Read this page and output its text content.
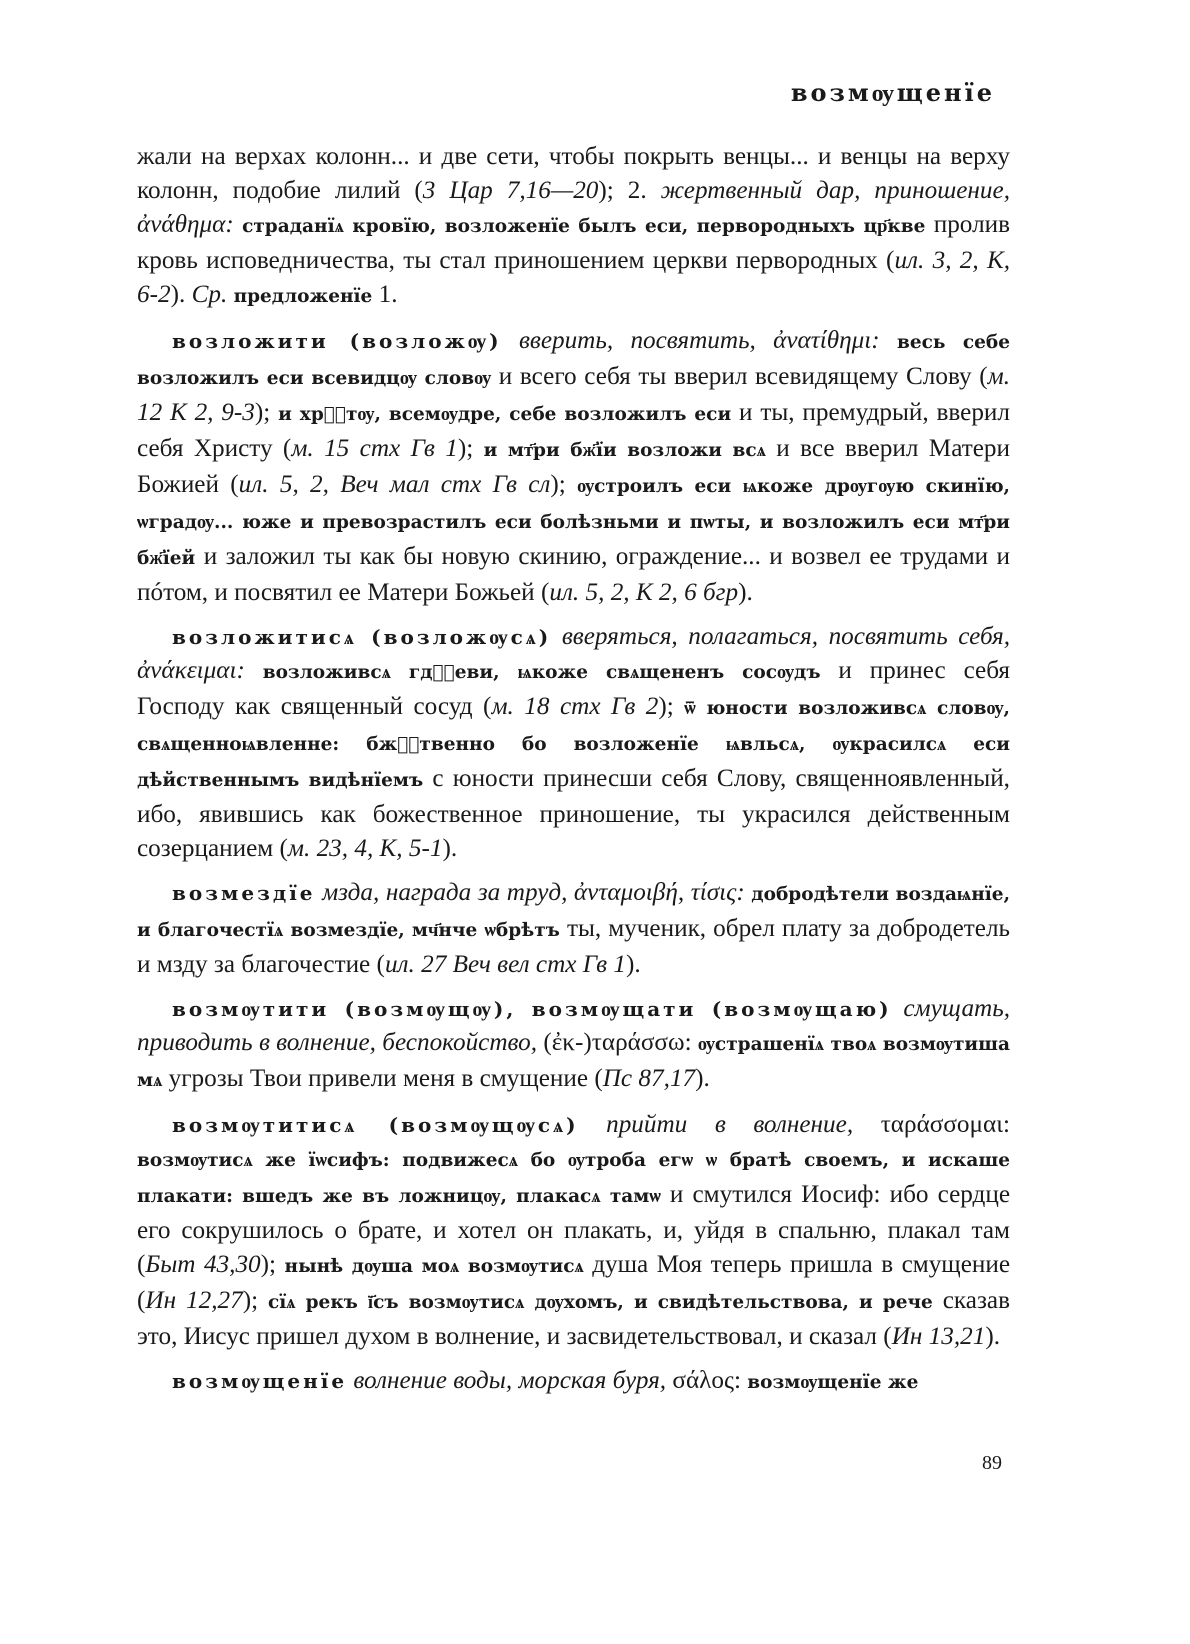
возмѹщенїе

жали на верхах колонн... и две сети, чтобы покрыть венцы... и венцы на верху колонн, подобие лилий (3 Цар 7,16—20); 2. жертвенный дар, приношение, ἀνάθημα: страданїѧ кровїю, возложенїе былъ еси, первородныхъ цр҃кве пролив кровь исповедничества, ты стал приношением церкви первородных (ил. 3, 2, К, 6-2). Ср. предложенїе 1.

возложити (возложѹ) вверить, посвятить, ἀνατίθημι: весь себе возложилъ еси всевидцѹ словѹ и всего себя ты вверил всевидящему Слову (м. 12 К 2, 9-3); и хрⷭ҇тѹ, всемѹдре, себе возложилъ еси и ты, премудрый, вверил себя Христу (м. 15 стх Гв 1); и мт҃ри бж҃їи возложи всѧ и все вверил Матери Божией (ил. 5, 2, Веч мал стх Гв сл); ѹстроилъ еси ѩкоже дрѹгѹю скинїю, ѡградѹ... юже и превозрастилъ еси болѣзньми и пѡты, и возложилъ еси мт҃ри бж҃їей и заложил ты как бы новую скинию, ограждение... и возвел ее трудами и пóтом, и посвятил ее Матери Божьей (ил. 5, 2, К 2, 6 бгр).

возложитисѧ (возложѹсѧ) вверяться, полагаться, посвятить себя, ἀνάκειμαι: возложивсѧ гдⷭ҇еви, ѩкоже свѧщененъ сосѹдъ и принес себя Господу как священный сосуд (м. 18 стх Гв 2); ѿ юности возложивсѧ словѹ, свѧщенноѩвленне: бжⷭ҇твенно бо возложенїе ѩвльсѧ, ѹкрасилсѧ еси дѣйственнымъ видѣнїемъ с юности принесши себя Слову, священноявленный, ибо, явившись как божественное приношение, ты украсился действенным созерцанием (м. 23, 4, К, 5-1).

возмездїе мзда, награда за труд, ἀνταμοιβή, τίσις: добродѣтели воздаѩнїе, и благочестїѧ возмездїе, мч҃нче ѡбрѣтъ ты, мученик, обрел плату за добродетель и мзду за благочестие (ил. 27 Веч вел стх Гв 1).

возмѹтити (возмѹщѹ), возмѹщати (возмѹщаю) смущать, приводить в волнение, беспокойство, (ἐκ-)ταράσσω: ѹстрашенїѧ твоѧ возмѹтиша мѧ угрозы Твои привели меня в смущение (Пс 87,17).

возмѹтитисѧ (возмѹщѹсѧ) прийти в волнение, ταράσσομαι: возмѹтисѧ же їѡсифъ: подвижесѧ бо ѹтроба егѡ ѡ братѣ своемъ, и искаше плакати: вшедъ же въ ложницѹ, плакасѧ тамѡ и смутился Иосиф: ибо сердце его сокрушилось о брате, и хотел он плакать, и, уйдя в спальню, плакал там (Быт 43,30); нынѣ дѹша моѧ возмѹтисѧ душа Моя теперь пришла в смущение (Ин 12,27); сїѧ рекъ ї҃съ возмѹтисѧ дѹхомъ, и свидѣтельствова, и рече сказав это, Иисус пришел духом в волнение, и засвидетельствовал, и сказал (Ин 13,21).

возмѹщенїе волнение воды, морская буря, σάλος: возмѹщенїе же

89
